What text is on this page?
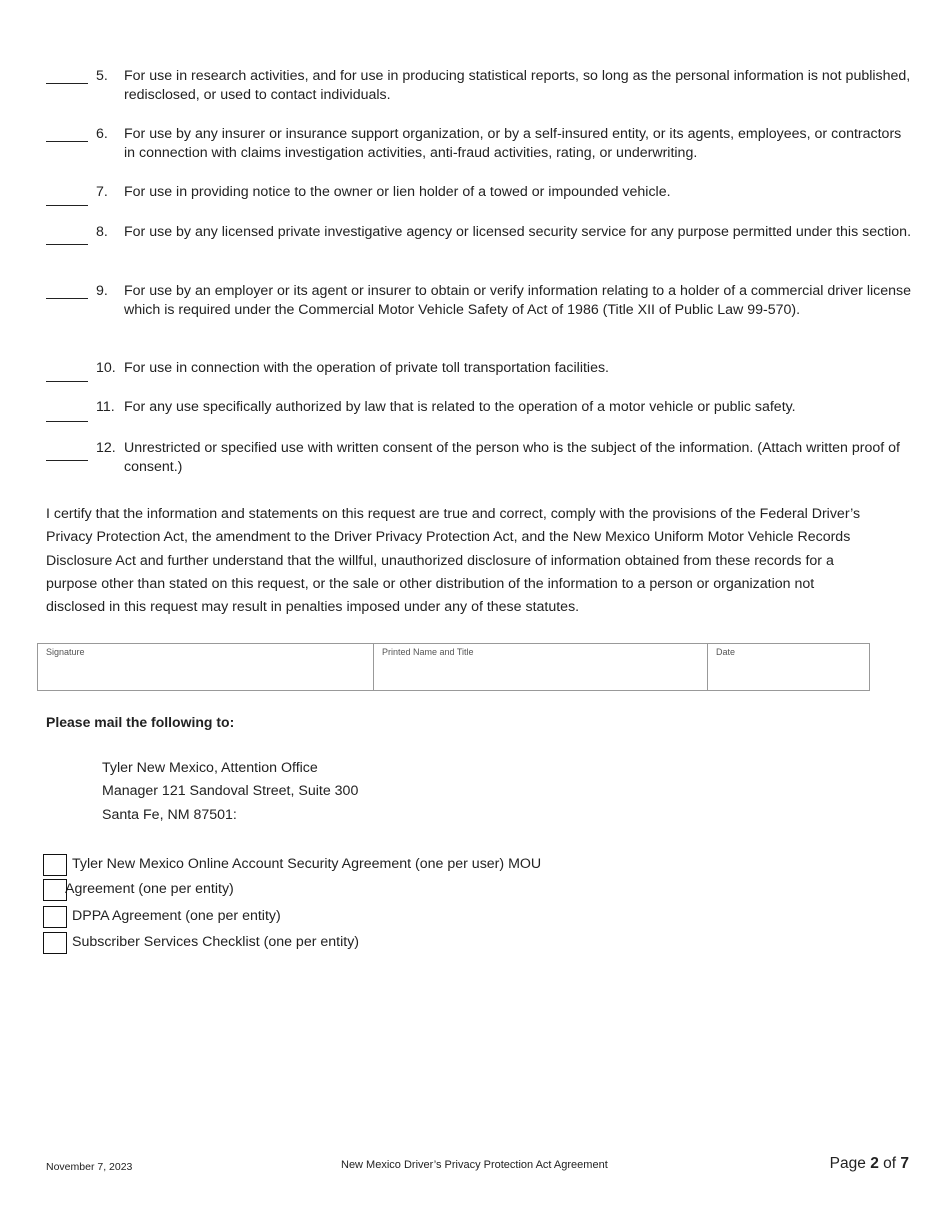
5.	For use in research activities, and for use in producing statistical reports, so long as the personal information is not published, redisclosed, or used to contact individuals.
6.	For use by any insurer or insurance support organization, or by a self-insured entity, or its agents, employees, or contractors in connection with claims investigation activities, anti-fraud activities, rating, or underwriting.
7.	For use in providing notice to the owner or lien holder of a towed or impounded vehicle.
8.	For use by any licensed private investigative agency or licensed security service for any purpose permitted under this section.
9.	For use by an employer or its agent or insurer to obtain or verify information relating to a holder of a commercial driver license which is required under the Commercial Motor Vehicle Safety of Act of 1986 (Title XII of Public Law 99-570).
10. For use in connection with the operation of private toll transportation facilities.
11. For any use specifically authorized by law that is related to the operation of a motor vehicle or public safety.
12. Unrestricted or specified use with written consent of the person who is the subject of the information. (Attach written proof of consent.)
I certify that the information and statements on this request are true and correct, comply with the provisions of the Federal Driver’s Privacy Protection Act, the amendment to the Driver Privacy Protection Act, and the New Mexico Uniform Motor Vehicle Records Disclosure Act and further understand that the willful, unauthorized disclosure of information obtained from these records for a purpose other than stated on this request, or the sale or other distribution of the information to a person or organization not disclosed in this request may result in penalties imposed under any of these statutes.
Signature	Printed Name and Title	Date
Please mail the following to:
Tyler New Mexico, Attention Office
Manager 121 Sandoval Street, Suite 300
Santa Fe, NM 87501:
Tyler New Mexico Online Account Security Agreement (one per user) MOU
Agreement (one per entity)
DPPA Agreement (one per entity)
Subscriber Services Checklist (one per entity)
November 7, 2023	New Mexico Driver’s Privacy Protection Act Agreement	Page 2 of 7
